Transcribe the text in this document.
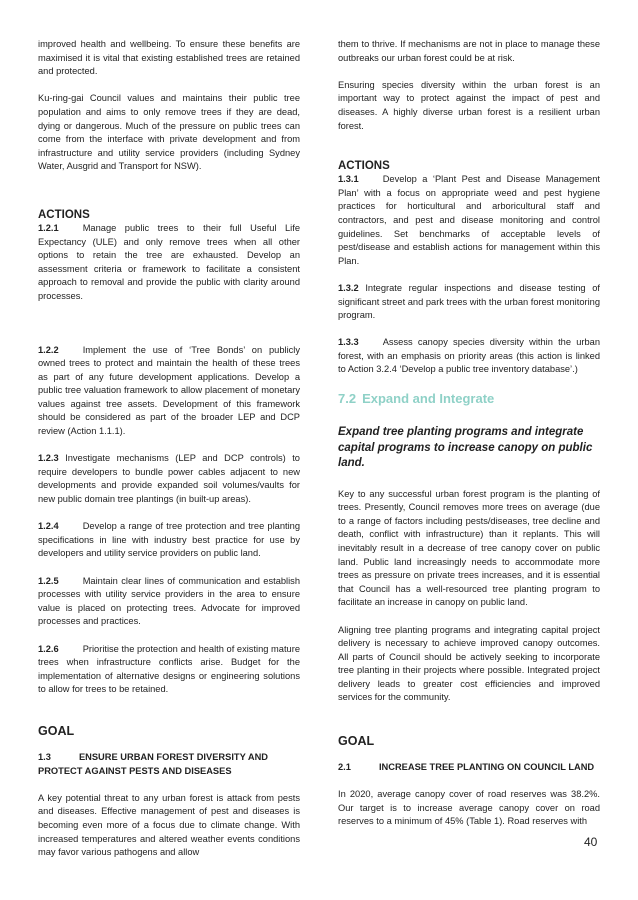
improved health and wellbeing. To ensure these benefits are maximised it is vital that existing established trees are retained and protected.

Ku-ring-gai Council values and maintains their public tree population and aims to only remove trees if they are dead, dying or dangerous. Much of the pressure on public trees can come from the interface with private development and from infrastructure and utility service providers (including Sydney Water, Ausgrid and Transport for NSW).

ACTIONS

1.2.1	Manage public trees to their full Useful Life Expectancy (ULE) and only remove trees when all other options to retain the tree are exhausted. Develop an assessment criteria or framework to facilitate a consistent approach to removal and provide the public with clarity around processes.

1.2.2	Implement the use of ‘Tree Bonds’ on publicly owned trees to protect and maintain the health of these trees as part of any future development applications. Develop a public tree valuation framework to allow placement of monetary values against tree assets. Development of this framework should be considered as part of the broader LEP and DCP review (Action 1.1.1).

1.2.3 Investigate mechanisms (LEP and DCP controls) to require developers to bundle power cables adjacent to new developments and provide expanded soil volumes/vaults for new public domain tree plantings (in built-up areas).

1.2.4	Develop a range of tree protection and tree planting specifications in line with industry best practice for use by developers and utility service providers on public land.

1.2.5	Maintain clear lines of communication and establish processes with utility service providers in the area to ensure value is placed on protecting trees. Advocate for improved processes and practices.

1.2.6	Prioritise the protection and health of existing mature trees when infrastructure conflicts arise. Budget for the implementation of alternative designs or engineering solutions to allow for trees to be retained.

GOAL

1.3	ENSURE URBAN FOREST DIVERSITY AND PROTECT AGAINST PESTS AND DISEASES

A key potential threat to any urban forest is attack from pests and diseases. Effective management of pest and diseases is becoming even more of a focus due to climate change. With increased temperatures and altered weather events conditions may favor various pathogens and allow

them to thrive. If mechanisms are not in place to manage these outbreaks our urban forest could be at risk.

Ensuring species diversity within the urban forest is an important way to protect against the impact of pest and diseases. A highly diverse urban forest is a resilient urban forest.

ACTIONS

1.3.1	Develop a ‘Plant Pest and Disease Management Plan’ with a focus on appropriate weed and pest hygiene practices for horticultural and arboricultural staff and contractors, and pest and disease monitoring and control guidelines. Set benchmarks of acceptable levels of pest/disease and establish actions for management within this Plan.

1.3.2 Integrate regular inspections and disease testing of significant street and park trees with the urban forest monitoring program.

1.3.3	Assess canopy species diversity within the urban forest, with an emphasis on priority areas (this action is linked to Action 3.2.4 ‘Develop a public tree inventory database’.)

7.2 Expand and Integrate

Expand tree planting programs and integrate capital programs to increase canopy on public land.

Key to any successful urban forest program is the planting of trees. Presently, Council removes more trees on average (due to a range of factors including pests/diseases, tree decline and death, conflict with infrastructure) than it replants. This will inevitably result in a decrease of tree canopy cover on public land. Public land increasingly needs to accommodate more trees as pressure on private trees increases, and it is essential that Council has a well-resourced tree planting program to facilitate an increase in canopy on public land.

Aligning tree planting programs and integrating capital project delivery is necessary to achieve improved canopy outcomes. All parts of Council should be actively seeking to incorporate tree planting in their projects where possible. Integrated project delivery leads to greater cost efficiencies and improved services for the community.

GOAL

2.1	INCREASE TREE PLANTING ON COUNCIL LAND

In 2020, average canopy cover of road reserves was 38.2%. Our target is to increase average canopy cover on road reserves to a minimum of 45% (Table 1). Road reserves with

40
